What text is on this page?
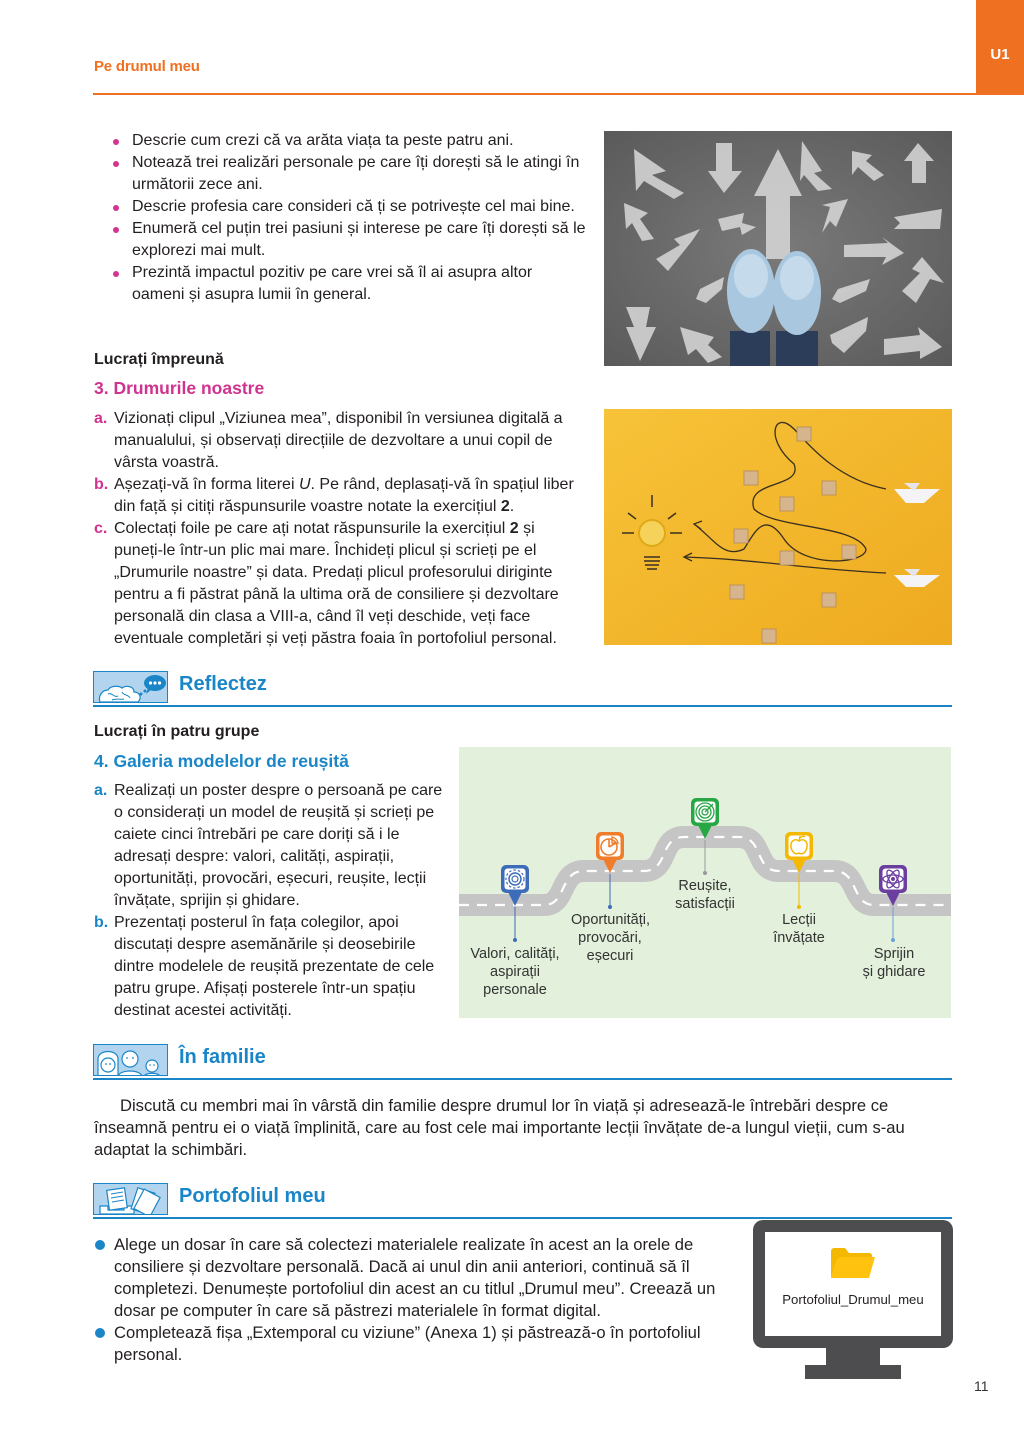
Pe drumul meu
U1
Descrie cum crezi că va arăta viața ta peste patru ani.
Notează trei realizări personale pe care îți dorești să le atingi în următorii zece ani.
Descrie profesia care consideri că ți se potrivește cel mai bine.
Enumeră cel puțin trei pasiuni și interese pe care îți dorești să le explorezi mai mult.
Prezintă impactul pozitiv pe care vrei să îl ai asupra altor oameni și asupra lumii în general.
Lucrați împreună
3. Drumurile noastre
a. Vizionați clipul „Viziunea mea”, disponibil în versiunea digitală a manualului, și observați direcțiile de dezvoltare a unui copil de vârsta voastră.
b. Așezați-vă în forma literei U. Pe rând, deplasați-vă în spațiul liber din față și citiți răspunsurile voastre notate la exercițiul 2.
c. Colectați foile pe care ați notat răspunsurile la exercițiul 2 și puneți-le într-un plic mai mare. Închideți plicul și scrieți pe el „Drumurile noastre” și data. Predați plicul profesorului diriginte pentru a fi păstrat până la ultima oră de consiliere și dezvoltare personală din clasa a VIII-a, când îl veți deschide, veți face eventuale completări și veți păstra foaia în portofoliul personal.
Reflectez
Lucrați în patru grupe
4. Galeria modelelor de reușită
a. Realizați un poster despre o persoană pe care o considerați un model de reușită și scrieți pe caiete cinci întrebări pe care doriți să i le adresați despre: valori, calități, aspirații, oportunități, provocări, eșecuri, reușite, lecții învățate, sprijin și ghidare.
b. Prezentați posterul în fața colegilor, apoi discutați despre asemănările și deosebirile dintre modelele de reușită prezentate de cele patru grupe. Afișați posterele într-un spațiu destinat acestei activități.
Valori, calități,
aspirații
personale
Oportunități,
provocări,
eșecuri
Reușite,
satisfacții
Lecții
învățate
Sprijin
și ghidare
În familie
Discută cu membri mai în vârstă din familie despre drumul lor în viață și adresează-le întrebări despre ce înseamnă pentru ei o viață împlinită, care au fost cele mai importante lecții învățate de-a lungul vieții, cum s-au adaptat la schimbări.
Portofoliul meu
Alege un dosar în care să colectezi materialele realizate în acest an la orele de consiliere și dezvoltare personală. Dacă ai unul din anii anteriori, continuă să îl completezi. Denumește portofoliul din acest an cu titlul „Drumul meu”. Creează un dosar pe computer în care să păstrezi materialele în format digital.
Completează fișa „Extemporal cu viziune” (Anexa 1) și păstrează-o în portofoliul personal.
Portofoliul_Drumul_meu
11
